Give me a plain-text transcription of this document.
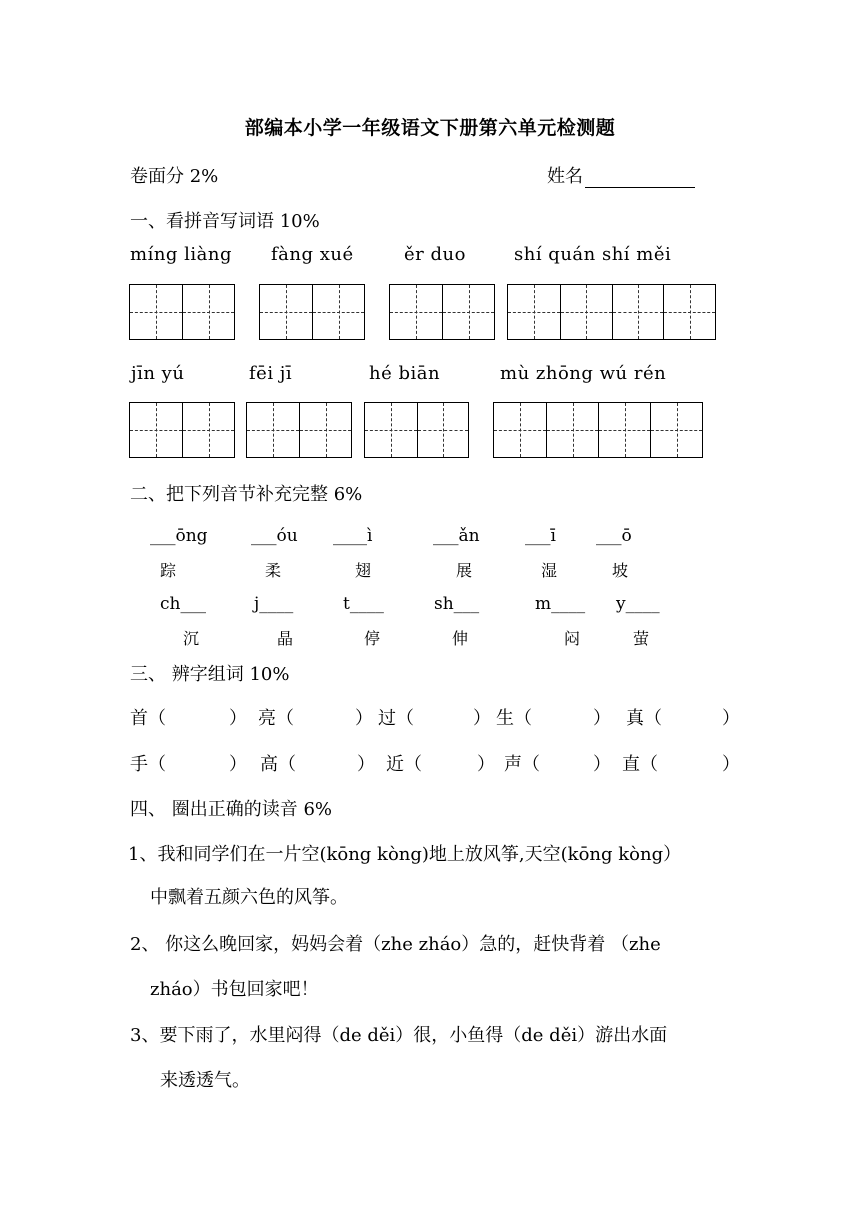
部编本小学一年级语文下册第六单元检测题
卷面分 2%	姓名
一、看拼音写词语 10%
míng liàng fàng xué	ěr duo	shí quán shí měi
jīn yú	fēi jī	hé biān	mù zhōng wú rén
二、把下列音节补充完整 6%
___ōng	___óu ____ì	___ǎn	___ī ___ō
踪	柔	翅	展	湿	坡
ch___	j____	t____	sh___	m____ y____
沉	晶	停	伸	闷	萤
三、 辨字组词 10%
首（	） 亮（	） 过（	） 生（	） 真（	）
手（	） 高（	） 近（	） 声（	） 直（	）
四、 圈出正确的读音 6%
1、我和同学们在一片空(kōng kòng)地上放风筝,天空(kōng kòng）
中飘着五颜六色的风筝。
2、 你这么晚回家，妈妈会着（zhe zháo）急的，赶快背着 （zhe
zháo）书包回家吧！
3、要下雨了，水里闷得（de děi）很，小鱼得（de děi）游出水面
来透透气。
